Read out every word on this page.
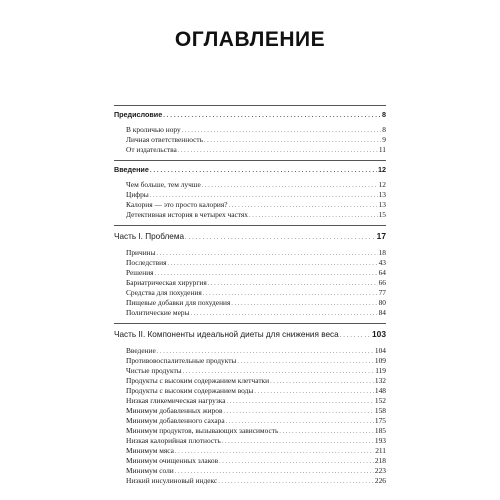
ОГЛАВЛЕНИЕ
Предисловие . . .	8
В кроличью нору . . .	8
Личная ответственность . . .	9
От издательства . . .	11
Введение . . .	12
Чем больше, тем лучше . . .	12
Цифры . . .	13
Калория — это просто калория? . . .	13
Детективная история в четырех частях . . .	15
Часть I. Проблема . . .	17
Причины . . .	18
Последствия . . .	43
Решения . . .	64
Бариатрическая хирургия . . .	66
Средства для похудения . . .	77
Пищевые добавки для похудения . . .	80
Политические меры . . .	84
Часть II. Компоненты идеальной диеты для снижения веса . . .	103
Введение . . .	104
Противовоспалительные продукты . . .	109
Чистые продукты . . .	119
Продукты с высоким содержанием клетчатки . . .	132
Продукты с высоким содержанием воды . . .	148
Низкая гликемическая нагрузка . . .	152
Минимум добавленных жиров . . .	158
Минимум добавленного сахара . . .	175
Минимум продуктов, вызывающих зависимость . . .	185
Низкая калорийная плотность . . .	193
Минимум мяса . . .	211
Минимум очищенных злаков . . .	218
Минимум соли . . .	223
Низкий инсулиновый индекс . . .	226
